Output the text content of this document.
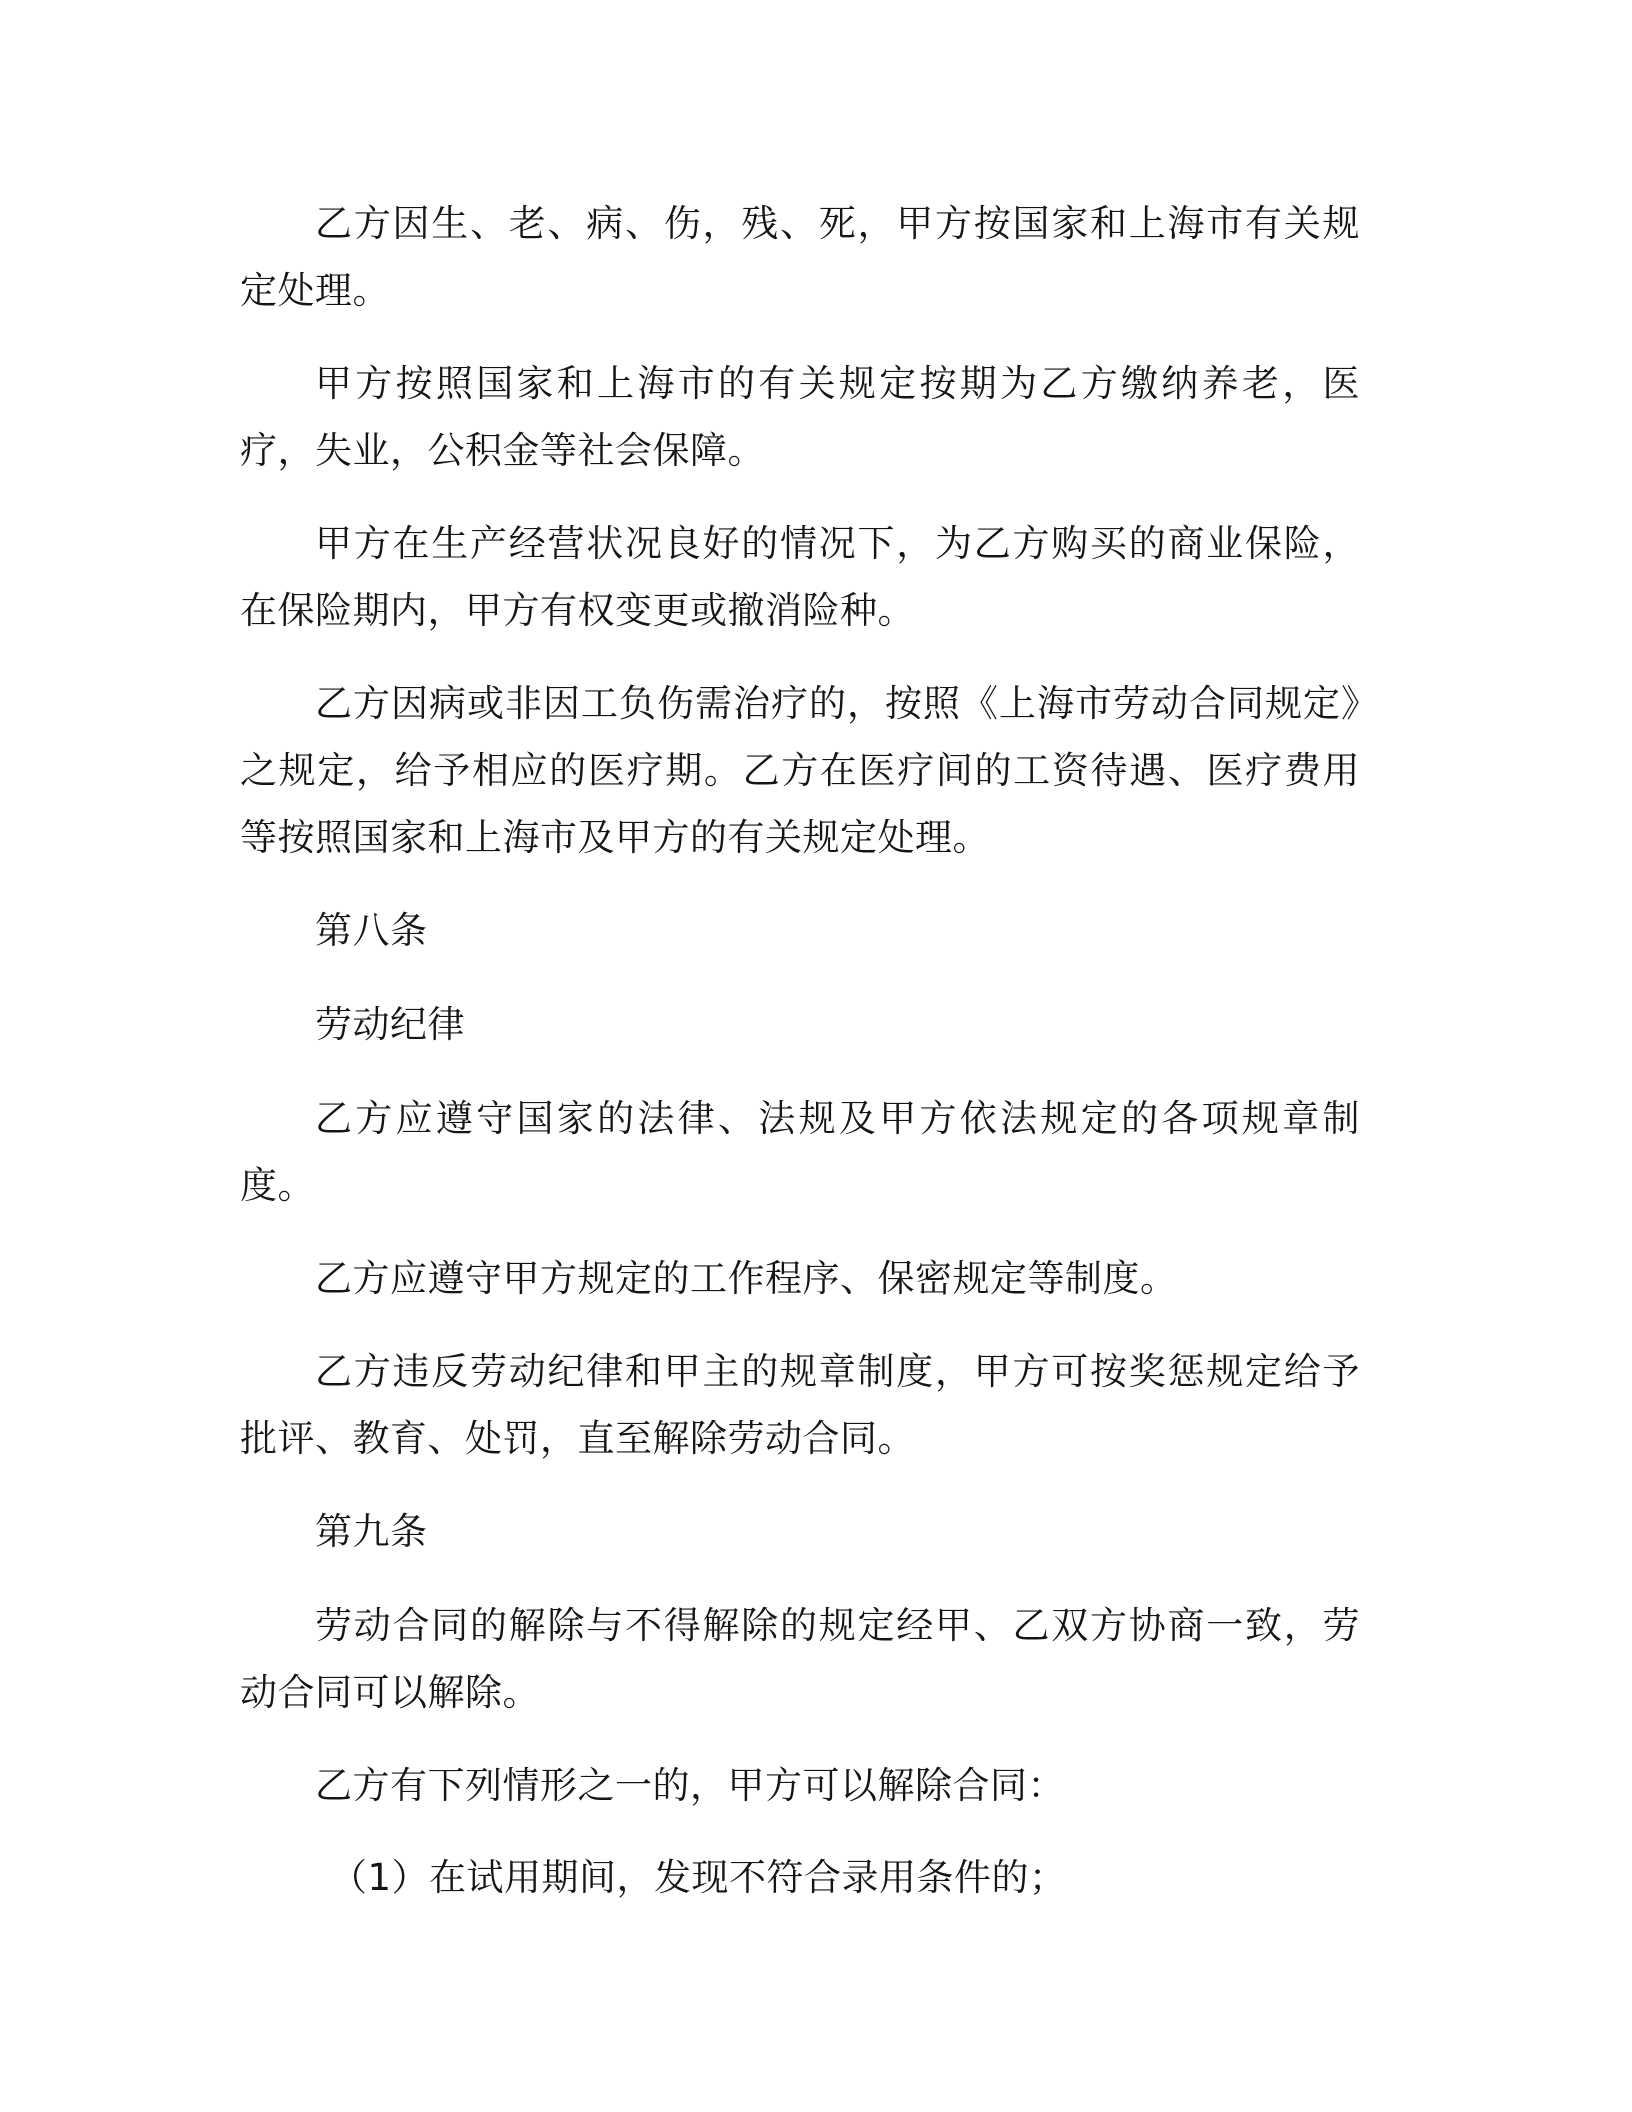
乙方因生、老、病、伤，残、死，甲方按国家和上海市有关规定处理。

甲方按照国家和上海市的有关规定按期为乙方缴纳养老，医疗，失业，公积金等社会保障。

甲方在生产经营状况良好的情况下，为乙方购买的商业保险，在保险期内，甲方有权变更或撤消险种。

乙方因病或非因工负伤需治疗的，按照《上海市劳动合同规定》之规定，给予相应的医疗期。乙方在医疗间的工资待遇、医疗费用等按照国家和上海市及甲方的有关规定处理。

第八条

劳动纪律

乙方应遵守国家的法律、法规及甲方依法规定的各项规章制度。

乙方应遵守甲方规定的工作程序、保密规定等制度。

乙方违反劳动纪律和甲主的规章制度，甲方可按奖惩规定给予批评、教育、处罚，直至解除劳动合同。

第九条

劳动合同的解除与不得解除的规定经甲、乙双方协商一致，劳动合同可以解除。

乙方有下列情形之一的，甲方可以解除合同：

（1）在试用期间，发现不符合录用条件的；
